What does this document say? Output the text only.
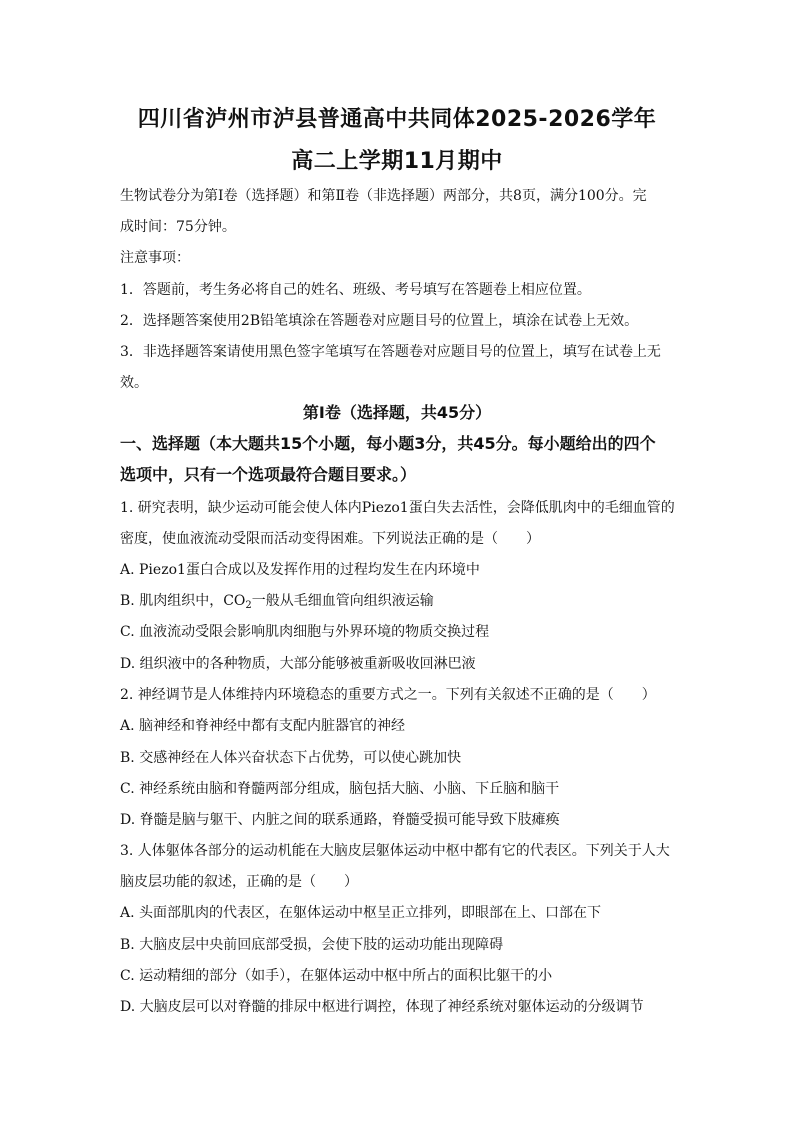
四川省泸州市泸县普通高中共同体2025-2026学年
高二上学期11月期中
生物试卷分为第Ⅰ卷（选择题）和第Ⅱ卷（非选择题）两部分，共8页，满分100分。完
成时间：75分钟。
注意事项：
1．答题前，考生务必将自己的姓名、班级、考号填写在答题卷上相应位置。
2．选择题答案使用2B铅笔填涂在答题卷对应题目号的位置上，填涂在试卷上无效。
3．非选择题答案请使用黑色签字笔填写在答题卷对应题目号的位置上，填写在试卷上无
效。
第Ⅰ卷（选择题，共45分）
一、选择题（本大题共15个小题，每小题3分，共45分。每小题给出的四个
选项中，只有一个选项最符合题目要求。）
1. 研究表明，缺少运动可能会使人体内Piezo1蛋白失去活性，会降低肌肉中的毛细血管的
密度，使血液流动受限而活动变得困难。下列说法正确的是（　　）
A. Piezo1蛋白合成以及发挥作用的过程均发生在内环境中
B. 肌肉组织中，$CO_2$一般从毛细血管向组织液运输
C. 血液流动受限会影响肌肉细胞与外界环境的物质交换过程
D. 组织液中的各种物质，大部分能够被重新吸收回淋巴液
2. 神经调节是人体维持内环境稳态的重要方式之一。下列有关叙述不正确的是（　　）
A. 脑神经和脊神经中都有支配内脏器官的神经
B. 交感神经在人体兴奋状态下占优势，可以使心跳加快
C. 神经系统由脑和脊髓两部分组成，脑包括大脑、小脑、下丘脑和脑干
D. 脊髓是脑与躯干、内脏之间的联系通路，脊髓受损可能导致下肢瘫痪
3. 人体躯体各部分的运动机能在大脑皮层躯体运动中枢中都有它的代表区。下列关于人大
脑皮层功能的叙述，正确的是（　　）
A. 头面部肌肉的代表区，在躯体运动中枢呈正立排列，即眼部在上、口部在下
B. 大脑皮层中央前回底部受损，会使下肢的运动功能出现障碍
C. 运动精细的部分（如手），在躯体运动中枢中所占的面积比躯干的小
D. 大脑皮层可以对脊髓的排尿中枢进行调控，体现了神经系统对躯体运动的分级调节
